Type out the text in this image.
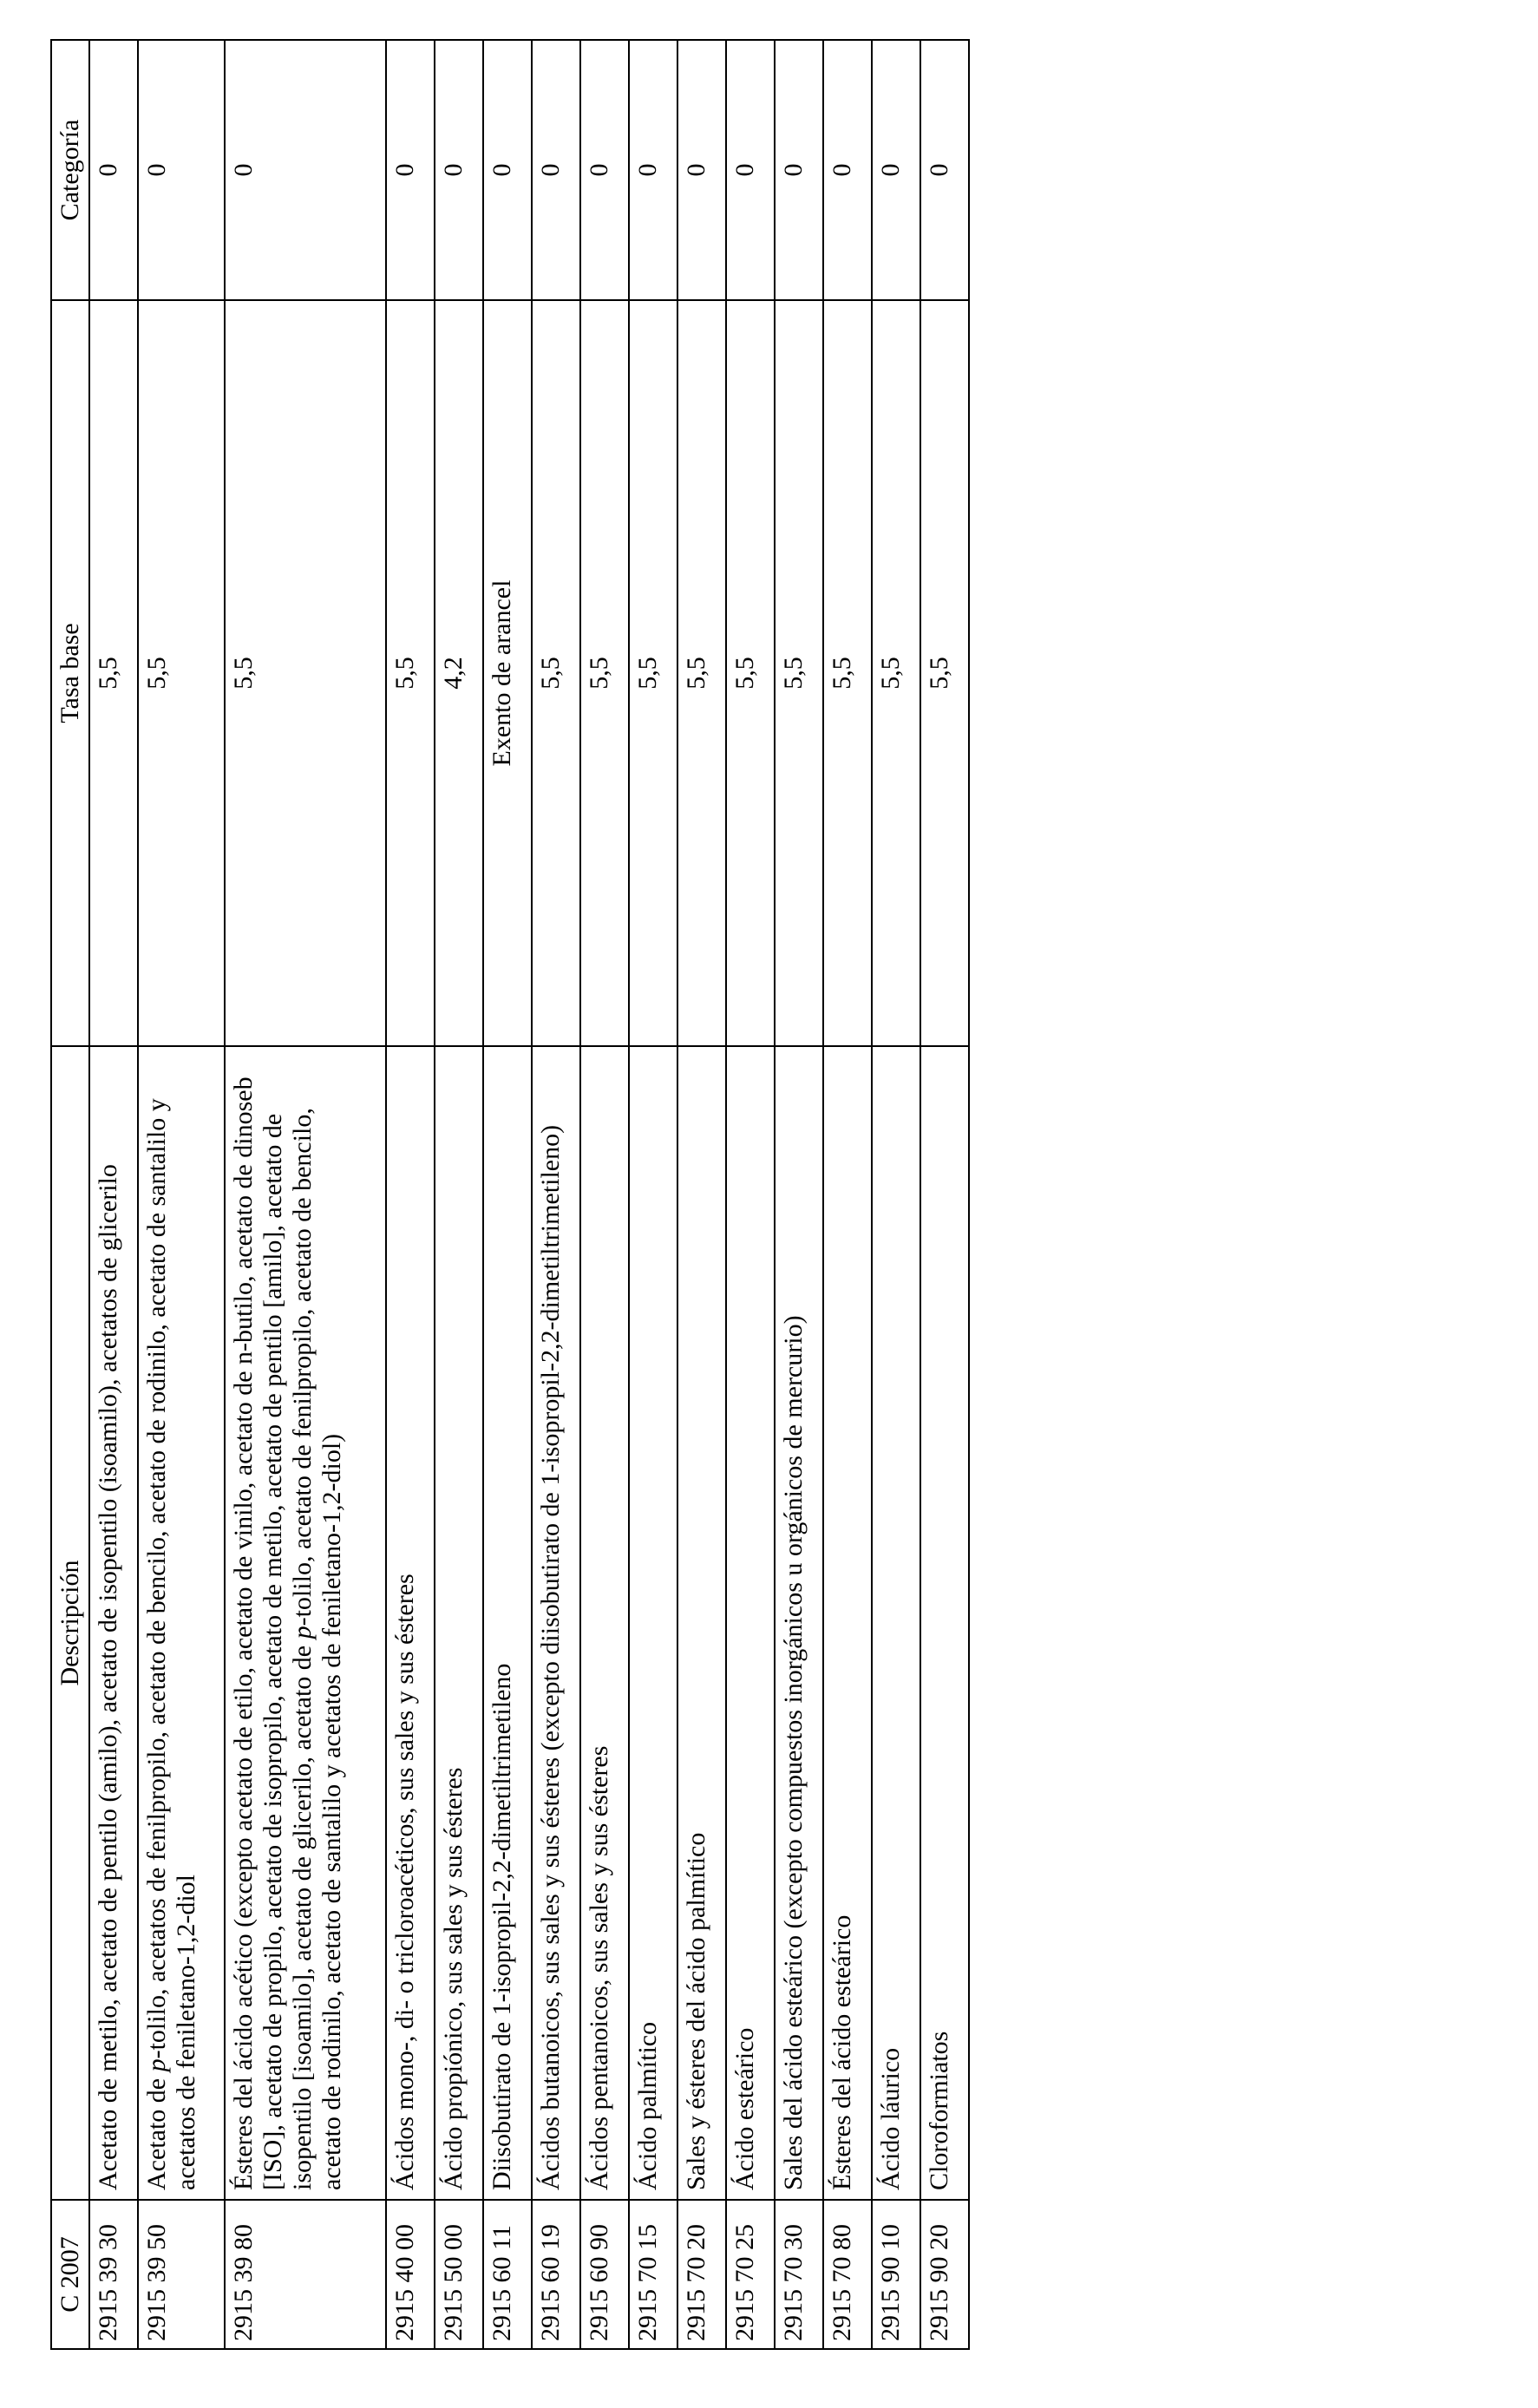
C 2007	Descripción	Tasa base	Categoría
2915 39 30	Acetato de metilo, acetato de pentilo (amilo), acetato de isopentilo (isoamilo), acetatos de glicerilo	5,5	0
2915 39 50	Acetato de p-tolilo, acetatos de fenilpropilo, acetato de bencilo, acetato de rodinilo, acetato de santalilo y acetatos de feniletano-1,2-diol	5,5	0
2915 39 80	Ésteres del ácido acético (excepto acetato de etilo, acetato de vinilo, acetato de n-butilo, acetato de dinoseb [ISO], acetato de propilo, acetato de isopropilo, acetato de metilo, acetato de pentilo [amilo], acetato de isopentilo [isoamilo], acetato de glicerilo, acetato de p-tolilo, acetato de fenilpropilo, acetato de bencilo, acetato de rodinilo, acetato de santalilo y acetatos de feniletano-1,2-diol)	5,5	0
2915 40 00	Ácidos mono-, di- o tricloroacéticos, sus sales y sus ésteres	5,5	0
2915 50 00	Ácido propiónico, sus sales y sus ésteres	4,2	0
2915 60 11	Diisobutirato de 1-isopropil-2,2-dimetiltrimetileno	Exento de arancel	0
2915 60 19	Ácidos butanoicos, sus sales y sus ésteres (excepto diisobutirato de 1-isopropil-2,2-dimetiltrimetileno)	5,5	0
2915 60 90	Ácidos pentanoicos, sus sales y sus ésteres	5,5	0
2915 70 15	Ácido palmítico	5,5	0
2915 70 20	Sales y ésteres del ácido palmítico	5,5	0
2915 70 25	Ácido esteárico	5,5	0
2915 70 30	Sales del ácido esteárico (excepto compuestos inorgánicos u orgánicos de mercurio)	5,5	0
2915 70 80	Ésteres del ácido esteárico	5,5	0
2915 90 10	Ácido láurico	5,5	0
2915 90 20	Cloroformiatos	5,5	0
